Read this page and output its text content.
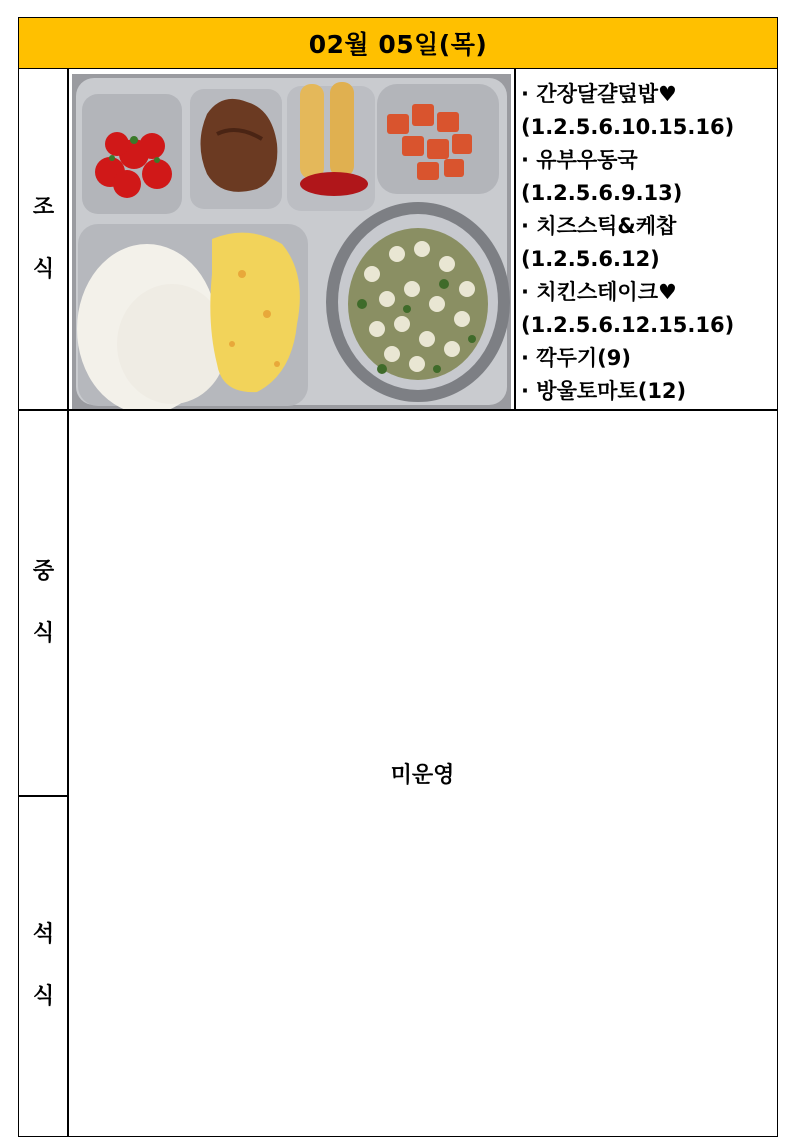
02월 05일(목)
조
식
· 간장달걀덮밥♥
(1.2.5.6.10.15.16)
· 유부우동국
(1.2.5.6.9.13)
· 치즈스틱&케찹
(1.2.5.6.12)
· 치킨스테이크♥
(1.2.5.6.12.15.16)
· 깍두기(9)
· 방울토마토(12)
중
식
석
식
미운영
